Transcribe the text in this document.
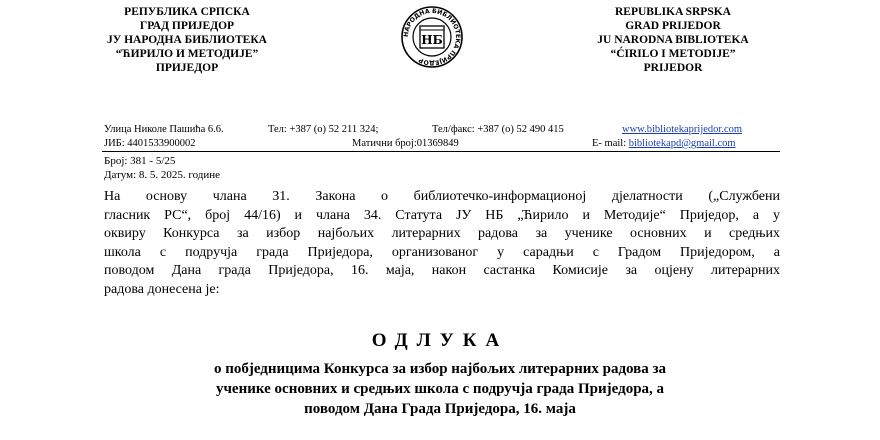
РЕПУБЛИКА СРПСКА
ГРАД ПРИЈЕДОР
ЈУ НАРОДНА БИБЛИОТЕКА
“ЋИРИЛО И МЕТОДИЈЕ”
ПРИЈЕДОР
НАРОДНА БИБЛИОТЕКА ПРИЈЕДОР
НБ
REPUBLIKA SRPSKA
GRAD PRIJEDOR
JU NARODNA BIBLIOTEKA
“ĆIRILO I METODIJE”
PRIJEDOR
Улица Николе Пашића 6.6.	Тел: +387 (o) 52 211 324;	Тел/факс: +387 (o) 52 490 415	www.bibliotekaprijedor.com
ЈИБ: 4401533900002	Матични број:01369849	E- mail: bibliotekapd@gmail.com
Број: 381 - 5/25
Датум: 8. 5. 2025. године
На основу члана 31. Закона о библиотечко-информационој дјелатности („Службени
гласник РС“, број 44/16) и члана 34. Статута ЈУ НБ „Ћирило и Методије“ Приједор, а у
оквиру Конкурса за избор најбољих литерарних радова за ученике основних и средњих
школа с подручја града Приједора, организованог у сарадњи с Градом Приједором, а
поводом Дана града Приједора, 16. маја, након састанка Комисије за оцјену литерарних
радова донесена је:
ОДЛУКА
о побједницима Конкурса за избор најбољих литерарних радова за
ученике основних и средњих школа с подручја града Приједора, а
поводом Дана Града Приједора, 16. маја
